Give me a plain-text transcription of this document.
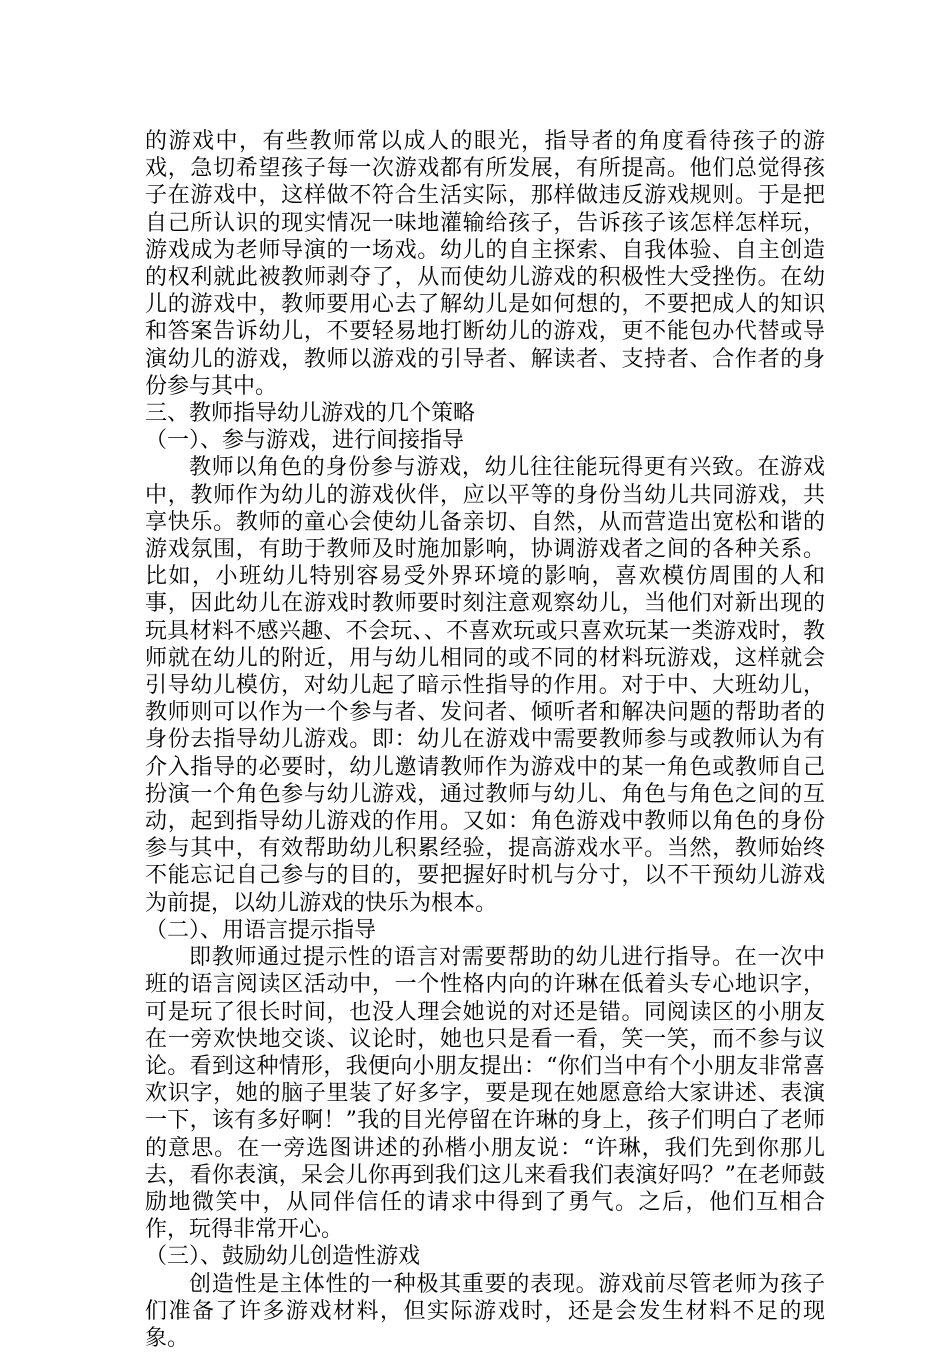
的游戏中，有些教师常以成人的眼光，指导者的角度看待孩子的游戏，急切希望孩子每一次游戏都有所发展，有所提高。他们总觉得孩子在游戏中，这样做不符合生活实际，那样做违反游戏规则。于是把自己所认识的现实情况一味地灌输给孩子，告诉孩子该怎样怎样玩，游戏成为老师导演的一场戏。幼儿的自主探索、自我体验、自主创造的权利就此被教师剥夺了，从而使幼儿游戏的积极性大受挫伤。在幼儿的游戏中，教师要用心去了解幼儿是如何想的，不要把成人的知识和答案告诉幼儿，不要轻易地打断幼儿的游戏，更不能包办代替或导演幼儿的游戏，教师以游戏的引导者、解读者、支持者、合作者的身份参与其中。

三、教师指导幼儿游戏的几个策略

（一）、参与游戏，进行间接指导

教师以角色的身份参与游戏，幼儿往往能玩得更有兴致。在游戏中，教师作为幼儿的游戏伙伴，应以平等的身份当幼儿共同游戏，共享快乐。教师的童心会使幼儿备亲切、自然，从而营造出宽松和谐的游戏氛围，有助于教师及时施加影响，协调游戏者之间的各种关系。比如，小班幼儿特别容易受外界环境的影响，喜欢模仿周围的人和事，因此幼儿在游戏时教师要时刻注意观察幼儿，当他们对新出现的玩具材料不感兴趣、不会玩、、不喜欢玩或只喜欢玩某一类游戏时，教师就在幼儿的附近，用与幼儿相同的或不同的材料玩游戏，这样就会引导幼儿模仿，对幼儿起了暗示性指导的作用。对于中、大班幼儿，教师则可以作为一个参与者、发问者、倾听者和解决问题的帮助者的身份去指导幼儿游戏。即：幼儿在游戏中需要教师参与或教师认为有介入指导的必要时，幼儿邀请教师作为游戏中的某一角色或教师自己扮演一个角色参与幼儿游戏，通过教师与幼儿、角色与角色之间的互动，起到指导幼儿游戏的作用。又如：角色游戏中教师以角色的身份参与其中，有效帮助幼儿积累经验，提高游戏水平。当然，教师始终不能忘记自己参与的目的，要把握好时机与分寸，以不干预幼儿游戏为前提，以幼儿游戏的快乐为根本。

（二）、用语言提示指导

即教师通过提示性的语言对需要帮助的幼儿进行指导。在一次中班的语言阅读区活动中，一个性格内向的许琳在低着头专心地识字，可是玩了很长时间，也没人理会她说的对还是错。同阅读区的小朋友在一旁欢快地交谈、议论时，她也只是看一看，笑一笑，而不参与议论。看到这种情形，我便向小朋友提出：“你们当中有个小朋友非常喜欢识字，她的脑子里装了好多字，要是现在她愿意给大家讲述、表演一下，该有多好啊！”我的目光停留在许琳的身上，孩子们明白了老师的意思。在一旁选图讲述的孙楷小朋友说：“许琳，我们先到你那儿去，看你表演，呆会儿你再到我们这儿来看我们表演好吗？”在老师鼓励地微笑中，从同伴信任的请求中得到了勇气。之后，他们互相合作，玩得非常开心。

（三）、鼓励幼儿创造性游戏

创造性是主体性的一种极其重要的表现。游戏前尽管老师为孩子们准备了许多游戏材料，但实际游戏时，还是会发生材料不足的现象。
